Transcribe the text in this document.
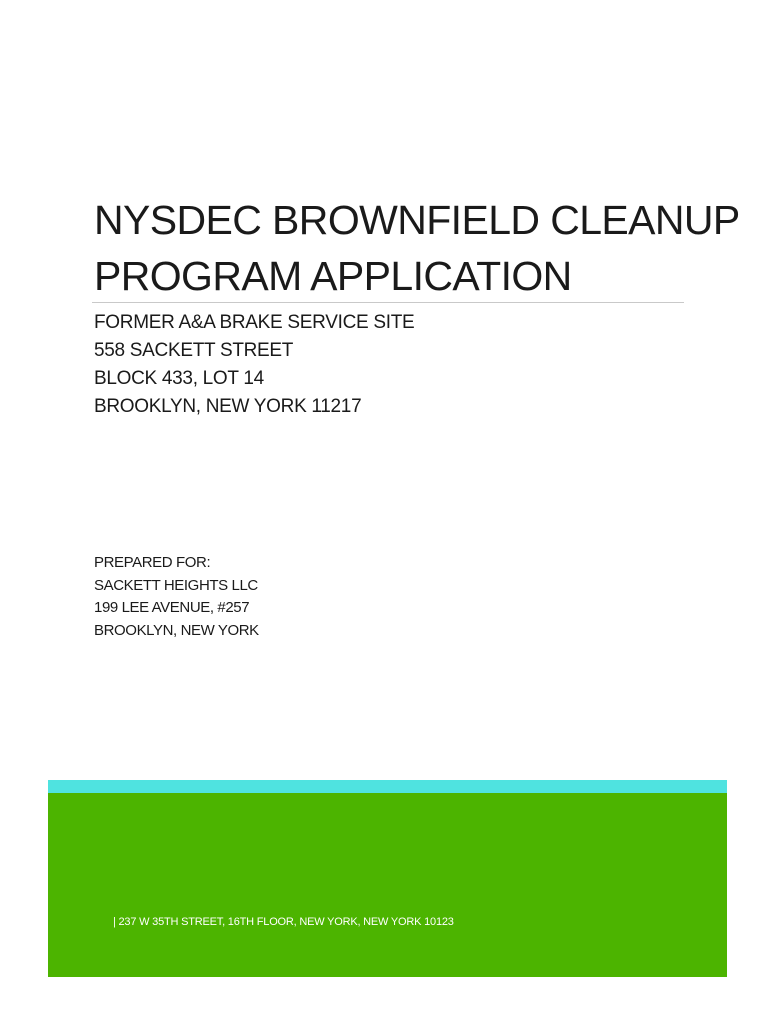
NYSDEC BROWNFIELD CLEANUP
PROGRAM APPLICATION
FORMER A&A BRAKE SERVICE SITE
558 SACKETT STREET
BLOCK 433, LOT 14
BROOKLYN, NEW YORK 11217
PREPARED FOR:
SACKETT HEIGHTS LLC
199 LEE AVENUE, #257
BROOKLYN, NEW YORK
| 237 W 35TH STREET, 16TH FLOOR, NEW YORK, NEW YORK 10123
